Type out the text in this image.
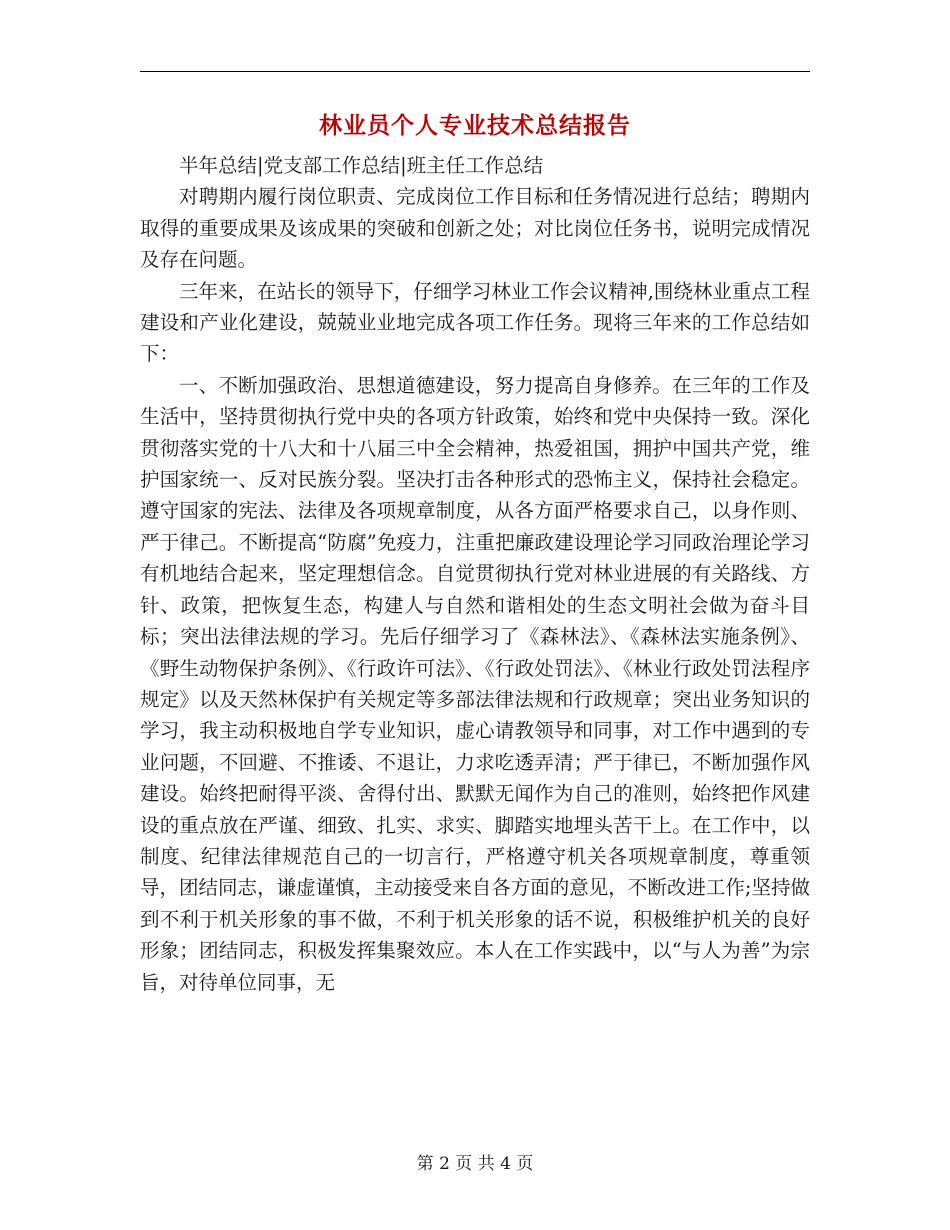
林业员个人专业技术总结报告

半年总结|党支部工作总结|班主任工作总结

对聘期内履行岗位职责、完成岗位工作目标和任务情况进行总结；聘期内取得的重要成果及该成果的突破和创新之处；对比岗位任务书，说明完成情况及存在问题。

三年来，在站长的领导下，仔细学习林业工作会议精神,围绕林业重点工程建设和产业化建设，兢兢业业地完成各项工作任务。现将三年来的工作总结如下：

一、不断加强政治、思想道德建设，努力提高自身修养。在三年的工作及生活中，坚持贯彻执行党中央的各项方针政策，始终和党中央保持一致。深化贯彻落实党的十八大和十八届三中全会精神，热爱祖国，拥护中国共产党，维护国家统一、反对民族分裂。坚决打击各种形式的恐怖主义，保持社会稳定。遵守国家的宪法、法律及各项规章制度，从各方面严格要求自己，以身作则、严于律己。不断提高“防腐”免疫力，注重把廉政建设理论学习同政治理论学习有机地结合起来，坚定理想信念。自觉贯彻执行党对林业进展的有关路线、方针、政策，把恢复生态，构建人与自然和谐相处的生态文明社会做为奋斗目标；突出法律法规的学习。先后仔细学习了《森林法》、《森林法实施条例》、《野生动物保护条例》、《行政许可法》、《行政处罚法》、《林业行政处罚法程序规定》以及天然林保护有关规定等多部法律法规和行政规章；突出业务知识的学习，我主动积极地自学专业知识，虚心请教领导和同事，对工作中遇到的专业问题，不回避、不推诿、不退让，力求吃透弄清；严于律已，不断加强作风建设。始终把耐得平淡、舍得付出、默默无闻作为自己的准则，始终把作风建设的重点放在严谨、细致、扎实、求实、脚踏实地埋头苦干上。在工作中，以制度、纪律法律规范自己的一切言行，严格遵守机关各项规章制度，尊重领导，团结同志，谦虚谨慎，主动接受来自各方面的意见，不断改进工作;坚持做到不利于机关形象的事不做，不利于机关形象的话不说，积极维护机关的良好形象；团结同志，积极发挥集聚效应。本人在工作实践中，以“与人为善”为宗旨，对待单位同事，无

第 2 页 共 4 页
